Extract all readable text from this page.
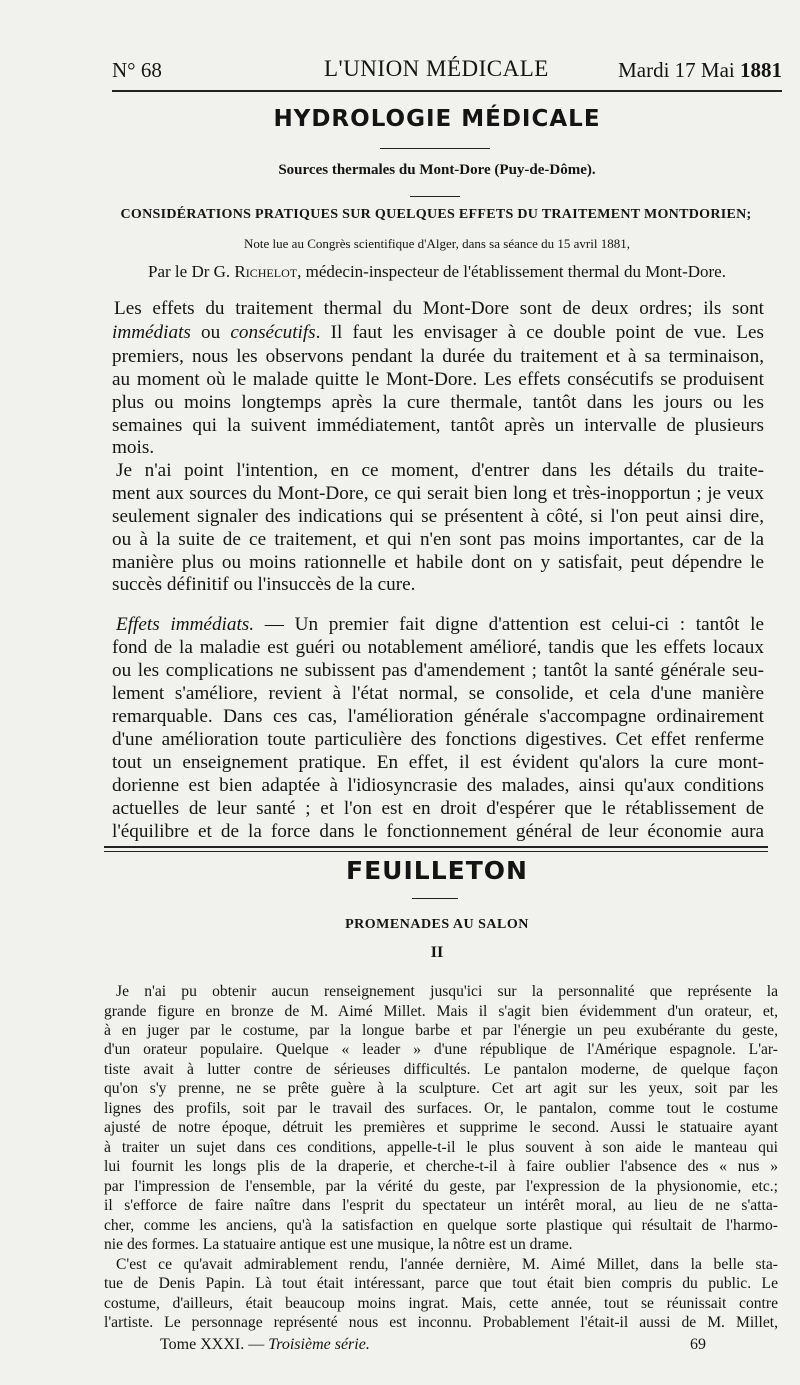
N° 68	L'UNION MÉDICALE	Mardi 17 Mai 1881
HYDROLOGIE MÉDICALE
Sources thermales du Mont-Dore (Puy-de-Dôme).
CONSIDÉRATIONS PRATIQUES SUR QUELQUES EFFETS DU TRAITEMENT MONTDORIEN;
Note lue au Congrès scientifique d'Alger, dans sa séance du 15 avril 1881,
Par le Dr G. Richelot, médecin-inspecteur de l'établissement thermal du Mont-Dore.
Les effets du traitement thermal du Mont-Dore sont de deux ordres; ils sont
immédiats ou consécutifs. Il faut les envisager à ce double point de vue. Les
premiers, nous les observons pendant la durée du traitement et à sa terminaison,
au moment où le malade quitte le Mont-Dore. Les effets consécutifs se produisent
plus ou moins longtemps après la cure thermale, tantôt dans les jours ou les
semaines qui la suivent immédiatement, tantôt après un intervalle de plusieurs
mois.
Je n'ai point l'intention, en ce moment, d'entrer dans les détails du traite-
ment aux sources du Mont-Dore, ce qui serait bien long et très-inopportun ; je veux
seulement signaler des indications qui se présentent à côté, si l'on peut ainsi dire,
ou à la suite de ce traitement, et qui n'en sont pas moins importantes, car de la
manière plus ou moins rationnelle et habile dont on y satisfait, peut dépendre le
succès définitif ou l'insuccès de la cure.
Effets immédiats. — Un premier fait digne d'attention est celui-ci : tantôt le
fond de la maladie est guéri ou notablement amélioré, tandis que les effets locaux
ou les complications ne subissent pas d'amendement ; tantôt la santé générale seu-
lement s'améliore, revient à l'état normal, se consolide, et cela d'une manière
remarquable. Dans ces cas, l'amélioration générale s'accompagne ordinairement
d'une amélioration toute particulière des fonctions digestives. Cet effet renferme
tout un enseignement pratique. En effet, il est évident qu'alors la cure mont-
dorienne est bien adaptée à l'idiosyncrasie des malades, ainsi qu'aux conditions
actuelles de leur santé ; et l'on est en droit d'espérer que le rétablissement de
l'équilibre et de la force dans le fonctionnement général de leur économie aura
FEUILLETON
PROMENADES AU SALON
II
Je n'ai pu obtenir aucun renseignement jusqu'ici sur la personnalité que représente la
grande figure en bronze de M. Aimé Millet. Mais il s'agit bien évidemment d'un orateur, et,
à en juger par le costume, par la longue barbe et par l'énergie un peu exubérante du geste,
d'un orateur populaire. Quelque « leader » d'une république de l'Amérique espagnole. L'ar-
tiste avait à lutter contre de sérieuses difficultés. Le pantalon moderne, de quelque façon
qu'on s'y prenne, ne se prête guère à la sculpture. Cet art agit sur les yeux, soit par les
lignes des profils, soit par le travail des surfaces. Or, le pantalon, comme tout le costume
ajusté de notre époque, détruit les premières et supprime le second. Aussi le statuaire ayant
à traiter un sujet dans ces conditions, appelle-t-il le plus souvent à son aide le manteau qui
lui fournit les longs plis de la draperie, et cherche-t-il à faire oublier l'absence des « nus »
par l'impression de l'ensemble, par la vérité du geste, par l'expression de la physionomie, etc.;
il s'efforce de faire naître dans l'esprit du spectateur un intérêt moral, au lieu de ne s'atta-
cher, comme les anciens, qu'à la satisfaction en quelque sorte plastique qui résultait de l'harmo-
nie des formes. La statuaire antique est une musique, la nôtre est un drame.
C'est ce qu'avait admirablement rendu, l'année dernière, M. Aimé Millet, dans la belle sta-
tue de Denis Papin. Là tout était intéressant, parce que tout était bien compris du public. Le
Tome XXXI. — Troisième série.	69
costume, d'ailleurs, était beaucoup moins ingrat. Mais, cette année, tout se réunissait contre
l'artiste. Le personnage représenté nous est inconnu. Probablement l'était-il aussi de M. Millet,
